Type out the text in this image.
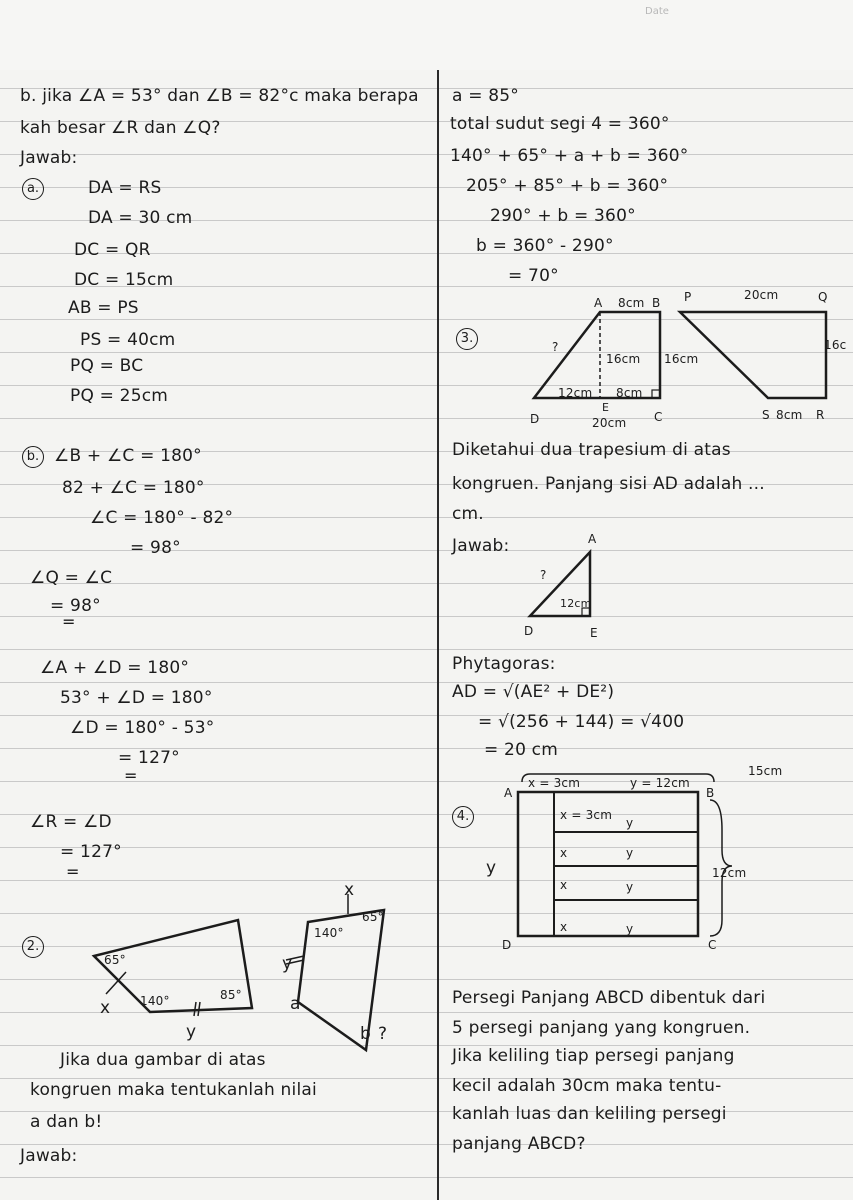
Date
b. jika ∠A = 53° dan ∠B = 82°c maka berapa
kah besar ∠R dan ∠Q?
Jawab:
a.	DA = RS
DA = 30 cm
DC = QR
DC = 15cm
AB = PS
PS = 40cm
PQ = BC
PQ = 25cm
b. ∠B + ∠C = 180°
82 + ∠C = 180°
∠C = 180° - 82°
= 98°
∠Q = ∠C
= 98°
=
∠A + ∠D = 180°
53° + ∠D = 180°
∠D = 180° - 53°
= 127°
=
∠R = ∠D
= 127°
=
2.
65°
140°	85°
x
y
140°
65°
x
y
a
b ?
Jika dua gambar di atas
kongruen maka tentukanlah nilai
a dan b!
Jawab:
a = 85°
total sudut segi 4 = 360°
140° + 65° + a + b = 360°
205° + 85° + b = 360°
290° + b = 360°
b = 360° - 290°
= 70°
3.
A 8cm B P	20cm	Q
?
16cm 16cm
16c
12cm 8cm
D	20cm
E
C	S 8cm R
Diketahui dua trapesium di atas
kongruen. Panjang sisi AD adalah ...
cm.
Jawab:	A
?
12cm
D	E
Phytagoras:
AD = √(AE² + DE²)
= √(256 + 144) = √400
= 20 cm
4.
y
x = 3cm	y = 12cm
15cm
A	B
D	C
12cm
x = 3cm
y
x	y
x	y
x	y
Persegi Panjang ABCD dibentuk dari
5 persegi panjang yang kongruen.
Jika keliling tiap persegi panjang
kecil adalah 30cm maka tentu-
kanlah luas dan keliling persegi
panjang ABCD?
